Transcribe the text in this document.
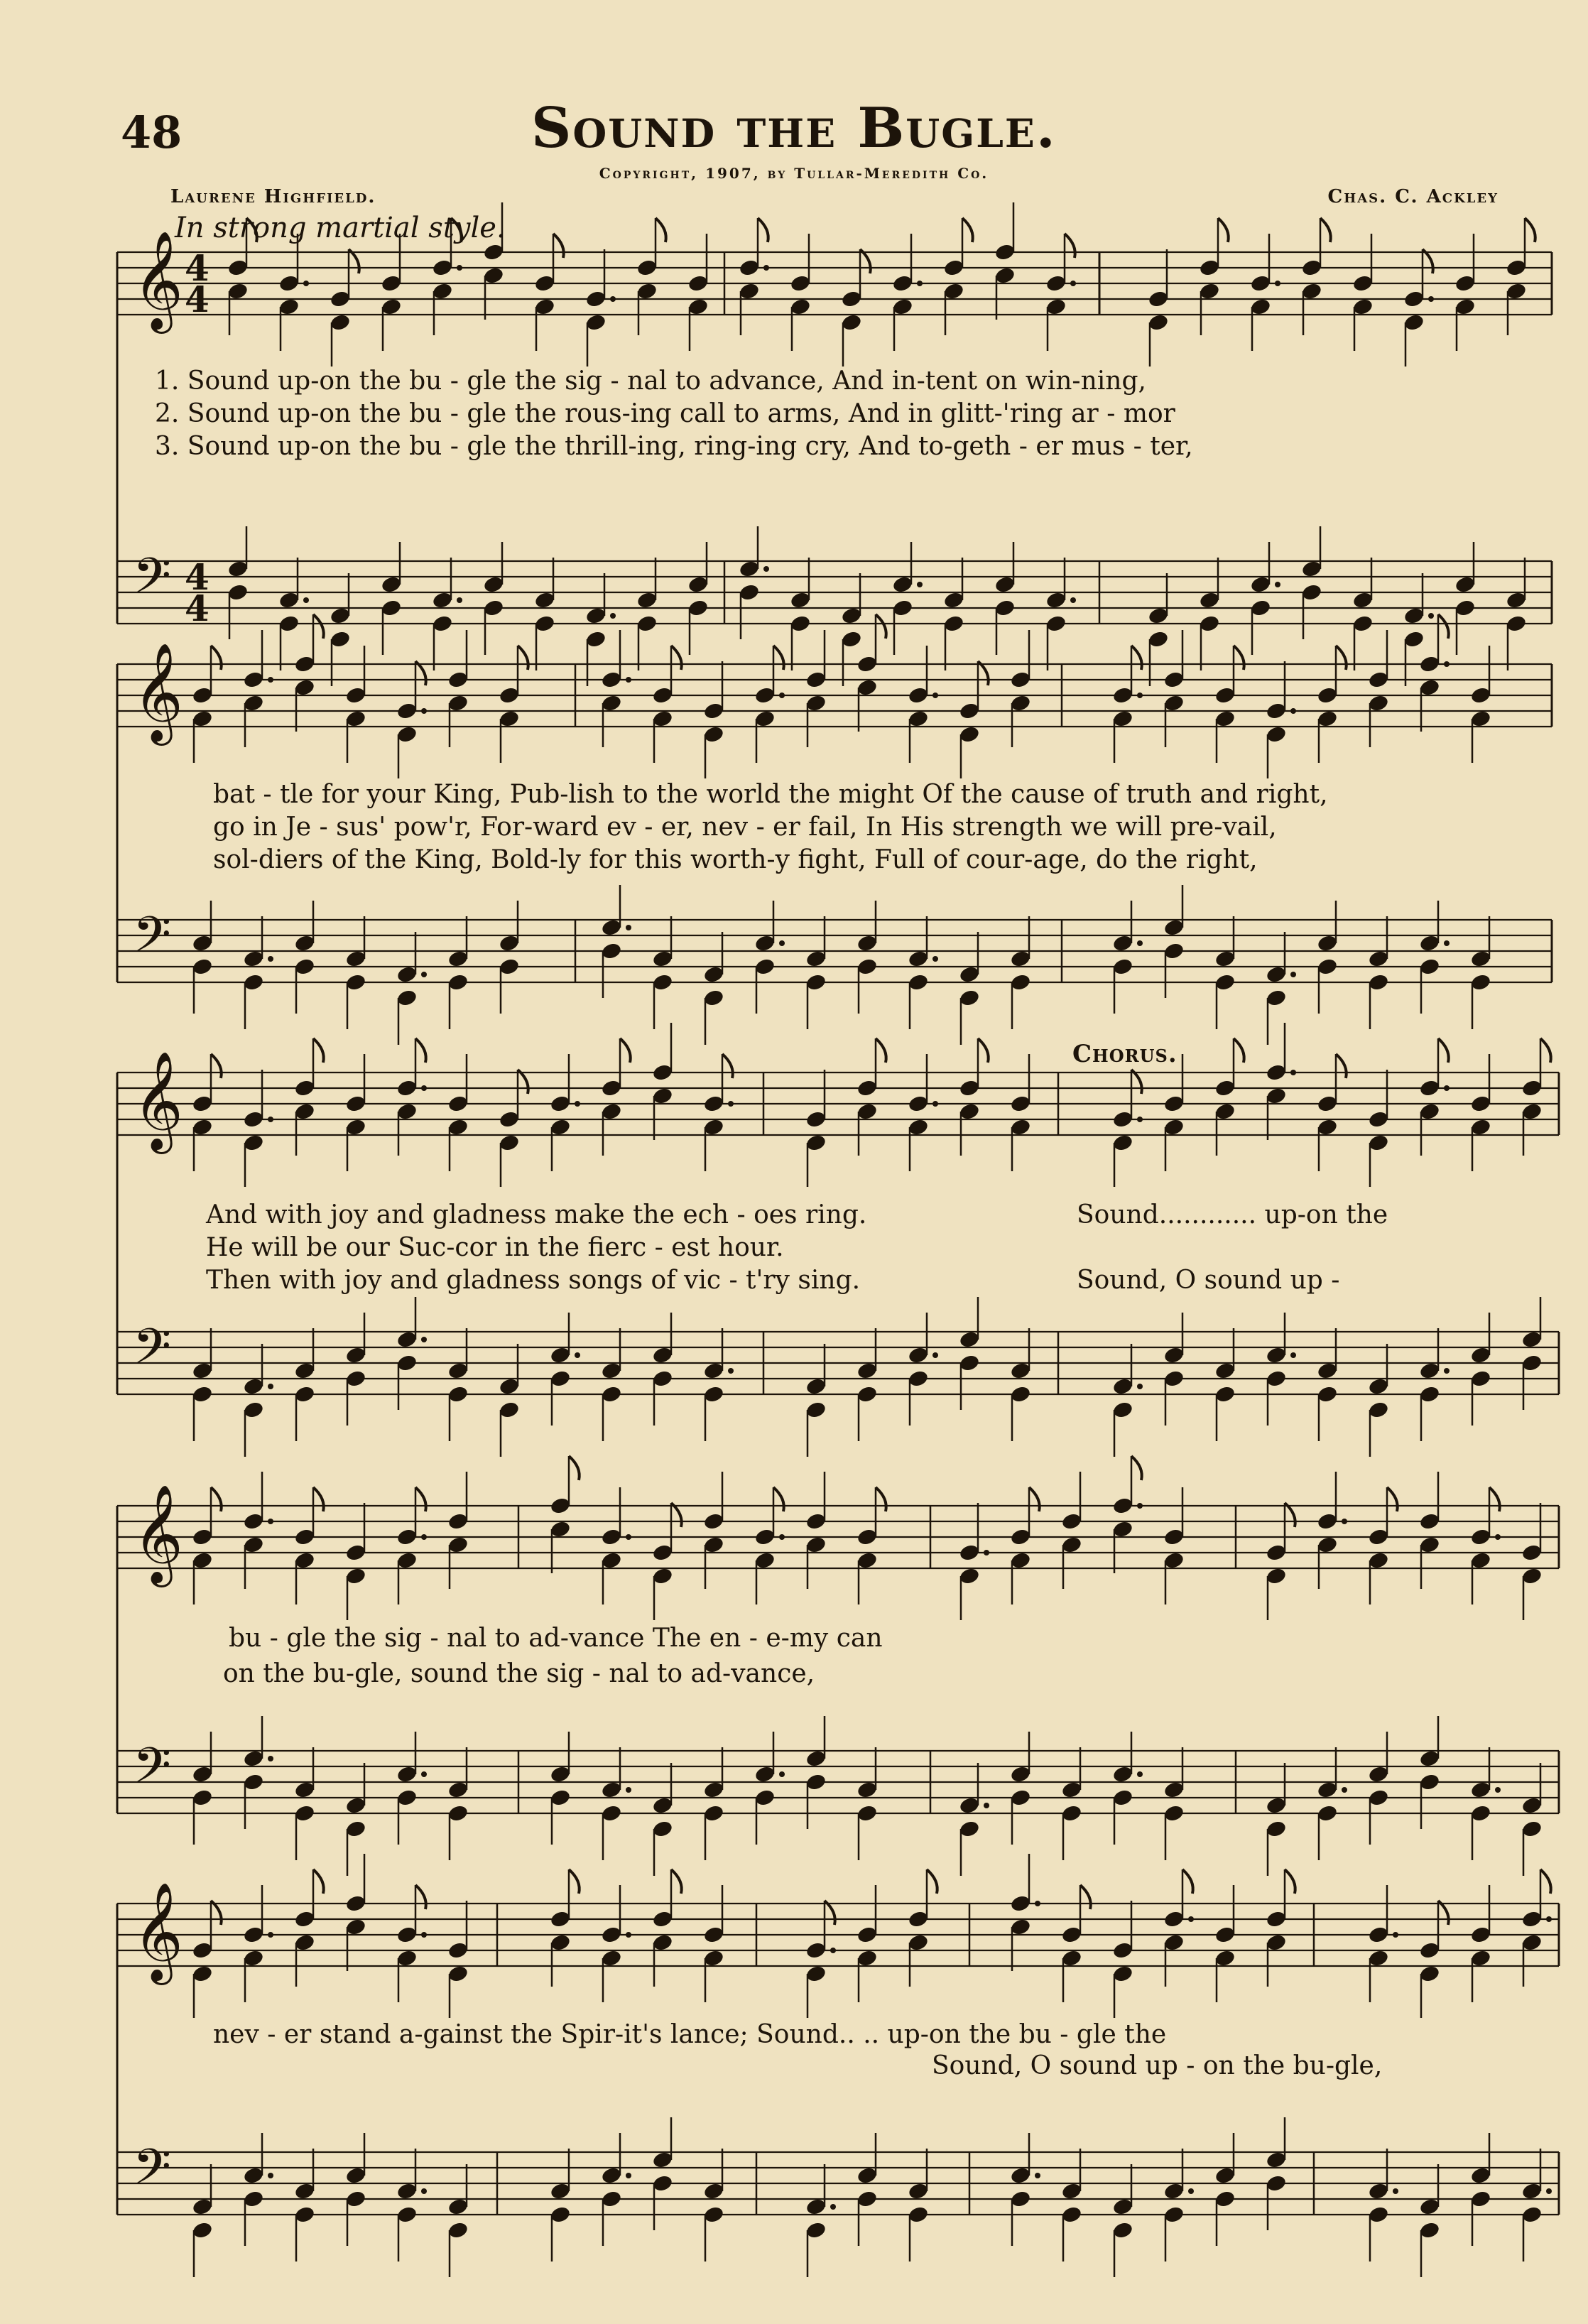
𝄞 4
4
𝄢 4
4
𝄞
𝄢
𝄞
𝄢
𝄞
𝄢
𝄞
𝄢
48	Sound the Bugle.
Copyright, 1907, by Tullar-Meredith Co.
Laurene Highfield.	Chas. C. Ackley
In strong martial style.
Chorus.
1. Sound up-on the bu - gle the sig - nal to advance, And in-tent on win-ning,
2. Sound up-on the bu - gle the rous-ing call to arms, And in glitt-'ring ar - mor
3. Sound up-on the bu - gle the thrill-ing, ring-ing cry, And to-geth - er mus - ter,
bat - tle for your King, Pub-lish to the world the might Of the cause of truth and right,
go in Je - sus' pow'r, For-ward ev - er, nev - er fail, In His strength we will pre-vail,
sol-diers of the King, Bold-ly for this worth-y fight, Full of cour-age, do the right,
And with joy and gladness make the ech - oes ring.
He will be our Suc-cor in the fierc - est hour.
Then with joy and gladness songs of vic - t'ry sing.
Sound............ up-on the
Sound, O sound up -
bu - gle the sig - nal to ad-vance The en - e-my can
on the bu-gle, sound the sig - nal to ad-vance,
nev - er stand a-gainst the Spir-it's lance; Sound.. .. up-on the bu - gle the
Sound, O sound up - on the bu-gle,
